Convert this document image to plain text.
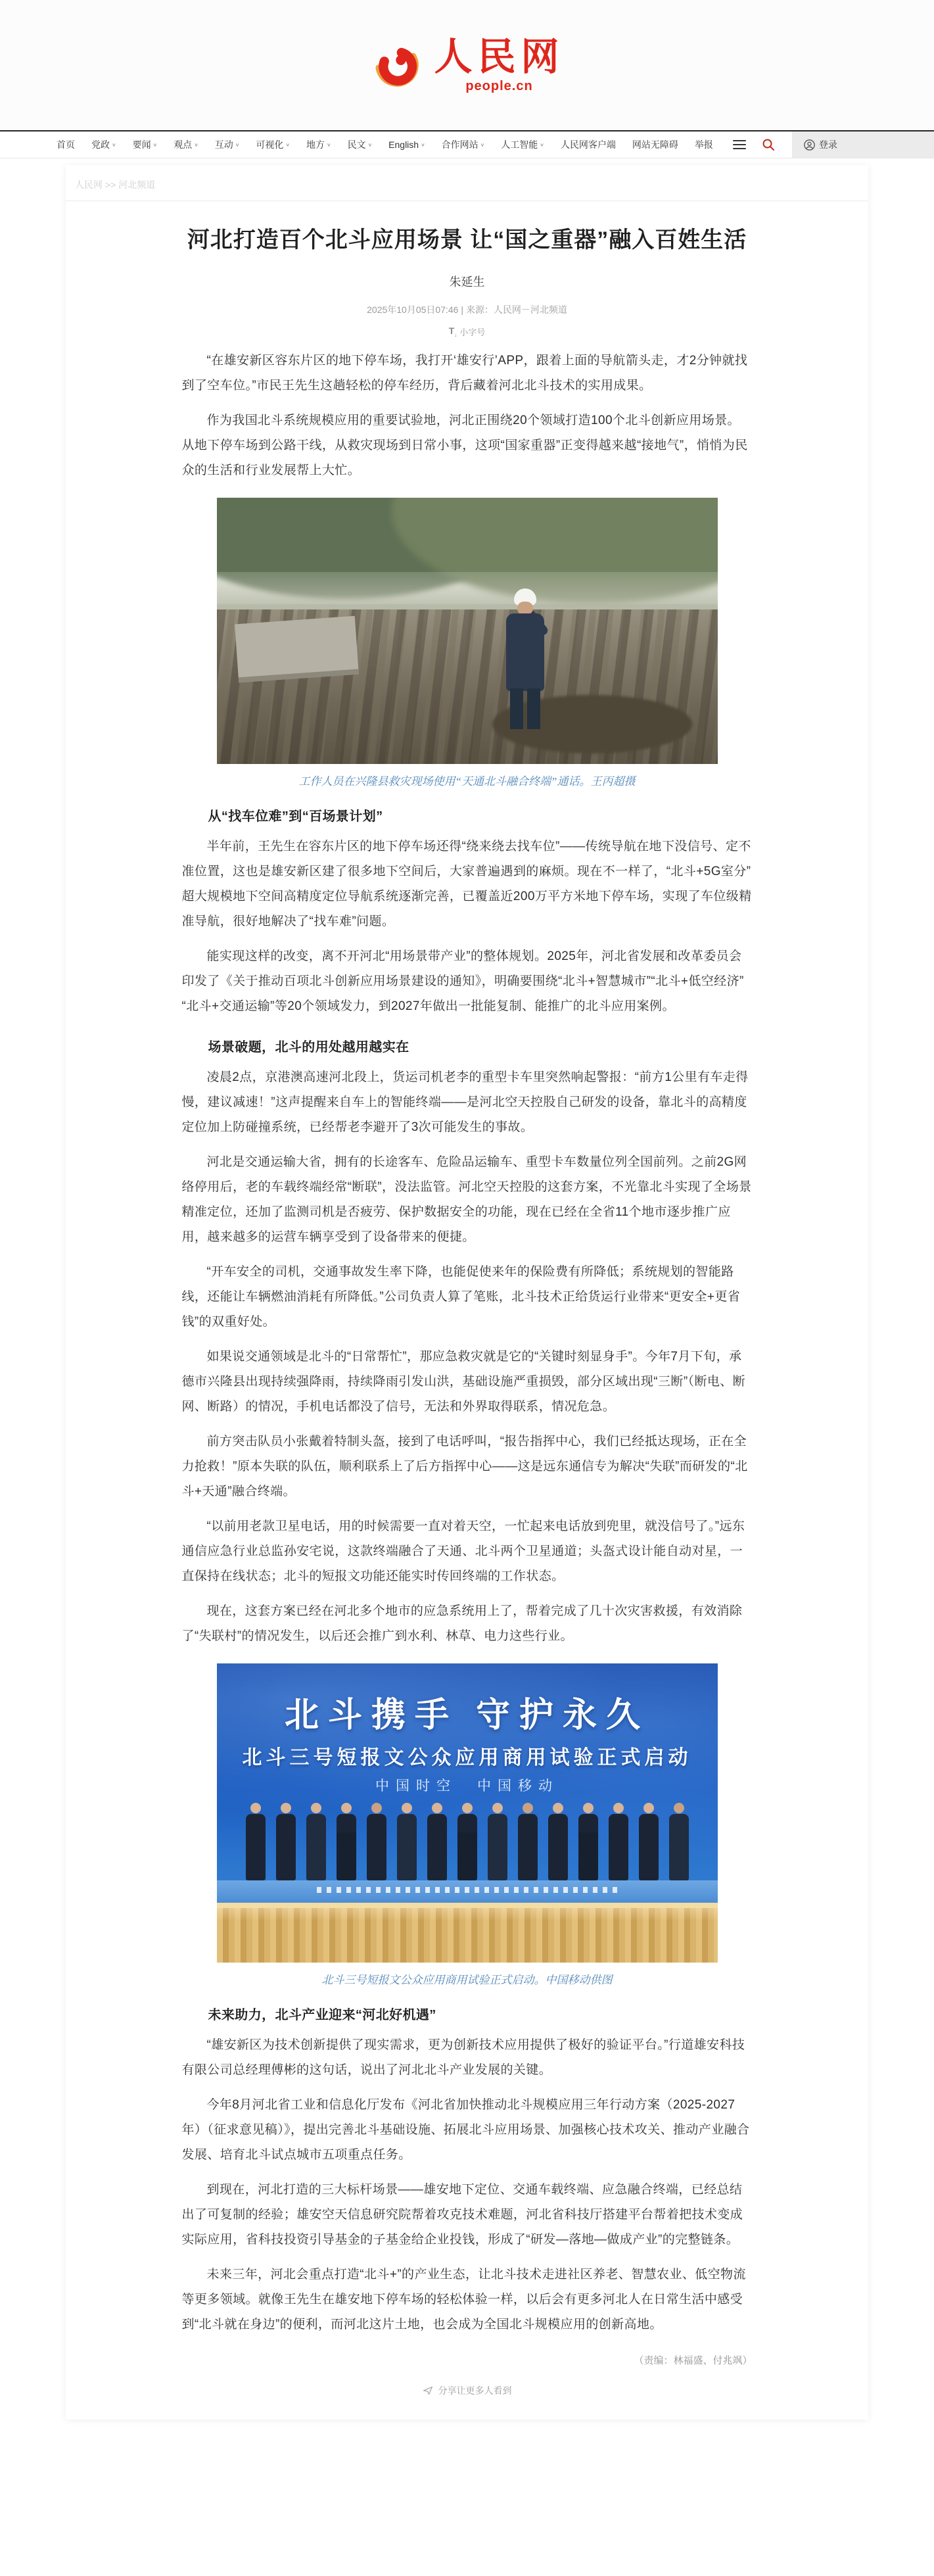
人民网
people.cn
首页 党政 ∨	要闻 ∨	观点 ∨	互动 ∨	可视化 ∨	地方 ∨	民文 ∨	English ∨	合作网站 ∨	人工智能 ∨	人民网客户端 网站无障碍 举报	登录
人民网 >> 河北频道
河北打造百个北斗应用场景 让“国之重器”融入百姓生活
朱延生
2025年10月05日07:46 | 来源：人民网－河北频道
$T_↓$ 小字号

“在雄安新区容东片区的地下停车场，我打开‘雄安行’APP，跟着上面的导航箭头走，才2分钟就找到了空车位。”市民王先生这趟轻松的停车经历，背后藏着河北北斗技术的实用成果。

作为我国北斗系统规模应用的重要试验地，河北正围绕20个领域打造100个北斗创新应用场景。从地下停车场到公路干线，从救灾现场到日常小事，这项“国家重器”正变得越来越“接地气”，悄悄为民众的生活和行业发展帮上大忙。

工作人员在兴隆县救灾现场使用“天通北斗融合终端”通话。王丙超摄
从“找车位难”到“百场景计划”

半年前，王先生在容东片区的地下停车场还得“绕来绕去找车位”——传统导航在地下没信号、定不准位置，这也是雄安新区建了很多地下空间后，大家普遍遇到的麻烦。现在不一样了，“北斗+5G室分”超大规模地下空间高精度定位导航系统逐渐完善，已覆盖近200万平方米地下停车场，实现了车位级精准导航，很好地解决了“找车难”问题。

能实现这样的改变，离不开河北“用场景带产业”的整体规划。2025年，河北省发展和改革委员会印发了《关于推动百项北斗创新应用场景建设的通知》，明确要围绕“北斗+智慧城市”“北斗+低空经济”“北斗+交通运输”等20个领域发力，到2027年做出一批能复制、能推广的北斗应用案例。

场景破题，北斗的用处越用越实在

凌晨2点，京港澳高速河北段上，货运司机老李的重型卡车里突然响起警报：“前方1公里有车走得慢，建议减速！”这声提醒来自车上的智能终端——是河北空天控股自己研发的设备，靠北斗的高精度定位加上防碰撞系统，已经帮老李避开了3次可能发生的事故。

河北是交通运输大省，拥有的长途客车、危险品运输车、重型卡车数量位列全国前列。之前2G网络停用后，老的车载终端经常“断联”，没法监管。河北空天控股的这套方案，不光靠北斗实现了全场景精准定位，还加了监测司机是否疲劳、保护数据安全的功能，现在已经在全省11个地市逐步推广应用，越来越多的运营车辆享受到了设备带来的便捷。

“开车安全的司机，交通事故发生率下降，也能促使来年的保险费有所降低；系统规划的智能路线，还能让车辆燃油消耗有所降低。”公司负责人算了笔账，北斗技术正给货运行业带来“更安全+更省钱”的双重好处。

如果说交通领域是北斗的“日常帮忙”，那应急救灾就是它的“关键时刻显身手”。今年7月下旬，承德市兴隆县出现持续强降雨，持续降雨引发山洪，基础设施严重损毁，部分区域出现“三断”（断电、断网、断路）的情况，手机电话都没了信号，无法和外界取得联系，情况危急。

前方突击队员小张戴着特制头盔，接到了电话呼叫，“报告指挥中心，我们已经抵达现场，正在全力抢救！”原本失联的队伍，顺利联系上了后方指挥中心——这是远东通信专为解决“失联”而研发的“北斗+天通”融合终端。

“以前用老款卫星电话，用的时候需要一直对着天空，一忙起来电话放到兜里，就没信号了。”远东通信应急行业总监孙安宅说，这款终端融合了天通、北斗两个卫星通道；头盔式设计能自动对星，一直保持在线状态；北斗的短报文功能还能实时传回终端的工作状态。

现在，这套方案已经在河北多个地市的应急系统用上了，帮着完成了几十次灾害救援，有效消除了“失联村”的情况发生，以后还会推广到水利、林草、电力这些行业。

北斗携手 守护永久
北斗三号短报文公众应用商用试验正式启动
中国时空　中国移动
北斗三号短报文公众应用商用试验正式启动。中国移动供图
未来助力，北斗产业迎来“河北好机遇”

“雄安新区为技术创新提供了现实需求，更为创新技术应用提供了极好的验证平台。”行道雄安科技有限公司总经理傅彬的这句话，说出了河北北斗产业发展的关键。

今年8月河北省工业和信息化厅发布《河北省加快推动北斗规模应用三年行动方案（2025-2027年）（征求意见稿）》，提出完善北斗基础设施、拓展北斗应用场景、加强核心技术攻关、推动产业融合发展、培育北斗试点城市五项重点任务。

到现在，河北打造的三大标杆场景——雄安地下定位、交通车载终端、应急融合终端，已经总结出了可复制的经验；雄安空天信息研究院帮着攻克技术难题，河北省科技厅搭建平台帮着把技术变成实际应用，省科技投资引导基金的子基金给企业投钱，形成了“研发—落地—做成产业”的完整链条。

未来三年，河北会重点打造“北斗+”的产业生态，让北斗技术走进社区养老、智慧农业、低空物流等更多领域。就像王先生在雄安地下停车场的轻松体验一样，以后会有更多河北人在日常生活中感受到“北斗就在身边”的便利，而河北这片土地，也会成为全国北斗规模应用的创新高地。

（责编：林福盛、付兆飒）
分享让更多人看到
